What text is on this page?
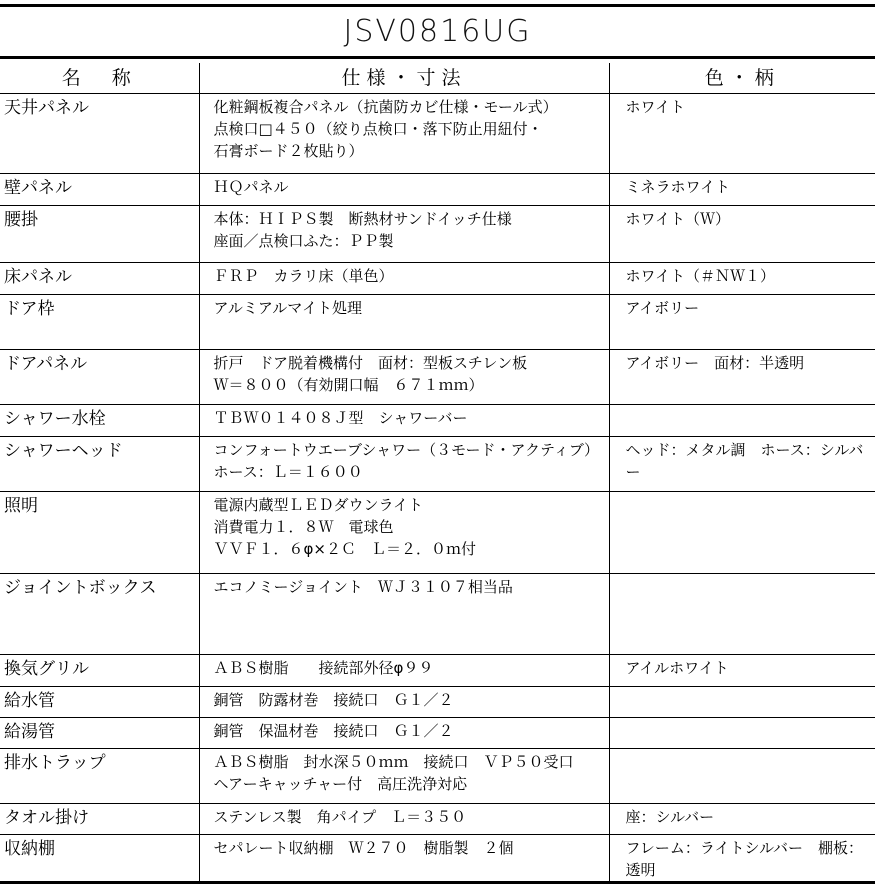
JSV0816UG
名　称	仕様・寸法	色・柄
天井パネル	化粧鋼板複合パネル（抗菌防カビ仕様・モール式）
点検口□４５０（絞り点検口・落下防止用紐付・
石膏ボード２枚貼り）	ホワイト
壁パネル	ＨＱパネル	ミネラホワイト
腰掛	本体：ＨＩＰＳ製　断熱材サンドイッチ仕様
座面／点検口ふた：ＰＰ製	ホワイト（Ｗ）
床パネル	ＦＲＰ　カラリ床（単色）	ホワイト（＃ＮＷ１）
ドア枠	アルミアルマイト処理	アイボリー
ドアパネル	折戸　ドア脱着機構付　面材：型板スチレン板
Ｗ＝８００（有効開口幅　６７１ｍｍ）	アイボリー　面材：半透明
シャワー水栓	ＴＢＷ０１４０８Ｊ型　シャワーバー	

シャワーヘッド	コンフォートウエーブシャワー（３モード・アクティブ）
ホース：Ｌ＝１６００	ヘッド：メタル調　ホース：シルバー
照明	電源内蔵型ＬＥＤダウンライト
消費電力１．８Ｗ　電球色
ＶＶＦ１．６φ×２Ｃ　Ｌ＝２．０ｍ付	

ジョイントボックス	エコノミージョイント　ＷＪ３１０７相当品	

換気グリル	ＡＢＳ樹脂　　接続部外径φ９９	アイルホワイト
給水管	銅管　防露材巻　接続口　Ｇ１／２	

給湯管	銅管　保温材巻　接続口　Ｇ１／２	

排水トラップ	ＡＢＳ樹脂　封水深５０ｍｍ　接続口　ＶＰ５０受口
ヘアーキャッチャー付　高圧洗浄対応	

タオル掛け	ステンレス製　角パイプ　Ｌ＝３５０	座：シルバー
収納棚	セパレート収納棚　Ｗ２７０　樹脂製　２個	フレーム：ライトシルバー　棚板：透明
